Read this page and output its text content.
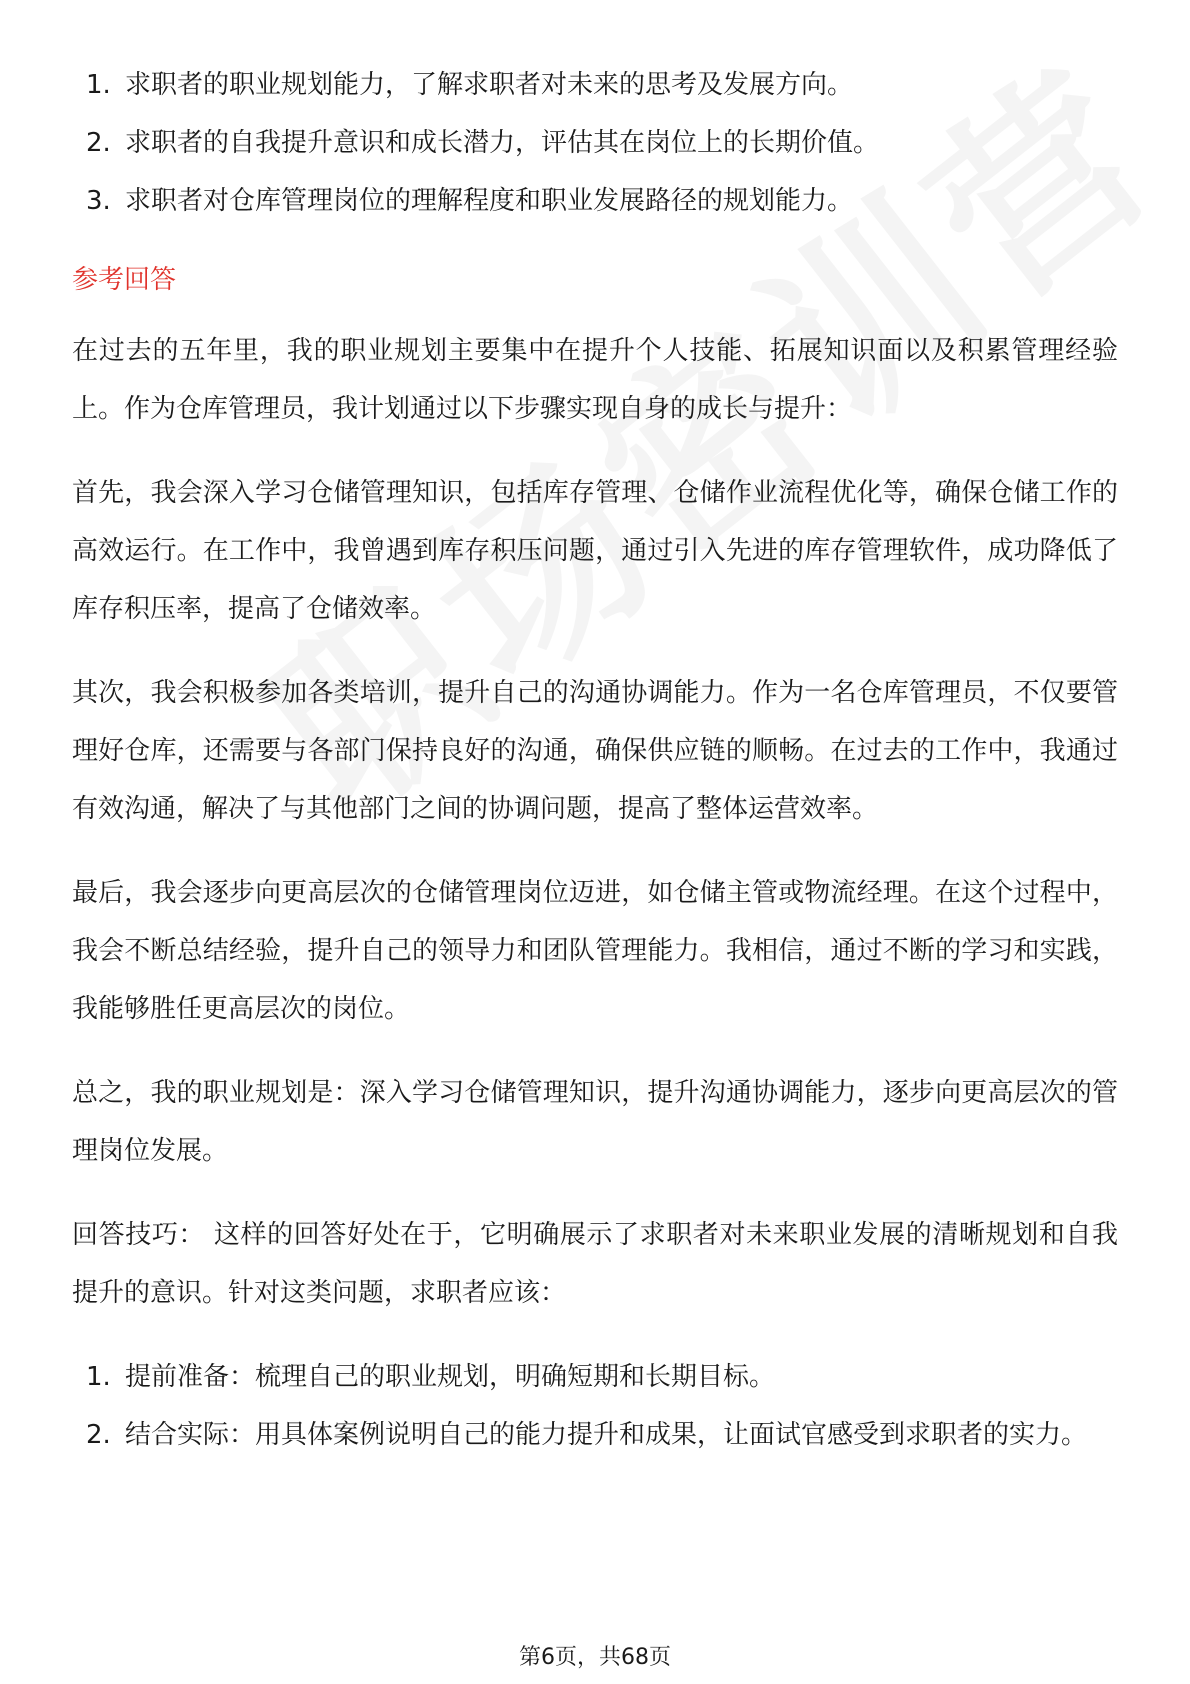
1. 求职者的职业规划能力，了解求职者对未来的思考及发展方向。
2. 求职者的自我提升意识和成长潜力，评估其在岗位上的长期价值。
3. 求职者对仓库管理岗位的理解程度和职业发展路径的规划能力。
参考回答

在过去的五年里，我的职业规划主要集中在提升个人技能、拓展知识面以及积累管理经验上。作为仓库管理员，我计划通过以下步骤实现自身的成长与提升：

首先，我会深入学习仓储管理知识，包括库存管理、仓储作业流程优化等，确保仓储工作的高效运行。在工作中，我曾遇到库存积压问题，通过引入先进的库存管理软件，成功降低了库存积压率，提高了仓储效率。

其次，我会积极参加各类培训，提升自己的沟通协调能力。作为一名仓库管理员，不仅要管理好仓库，还需要与各部门保持良好的沟通，确保供应链的顺畅。在过去的工作中，我通过有效沟通，解决了与其他部门之间的协调问题，提高了整体运营效率。

最后，我会逐步向更高层次的仓储管理岗位迈进，如仓储主管或物流经理。在这个过程中，我会不断总结经验，提升自己的领导力和团队管理能力。我相信，通过不断的学习和实践，我能够胜任更高层次的岗位。

总之，我的职业规划是：深入学习仓储管理知识，提升沟通协调能力，逐步向更高层次的管理岗位发展。

回答技巧： 这样的回答好处在于，它明确展示了求职者对未来职业发展的清晰规划和自我提升的意识。针对这类问题，求职者应该：

1. 提前准备：梳理自己的职业规划，明确短期和长期目标。
2. 结合实际：用具体案例说明自己的能力提升和成果，让面试官感受到求职者的实力。
第6页，共68页
